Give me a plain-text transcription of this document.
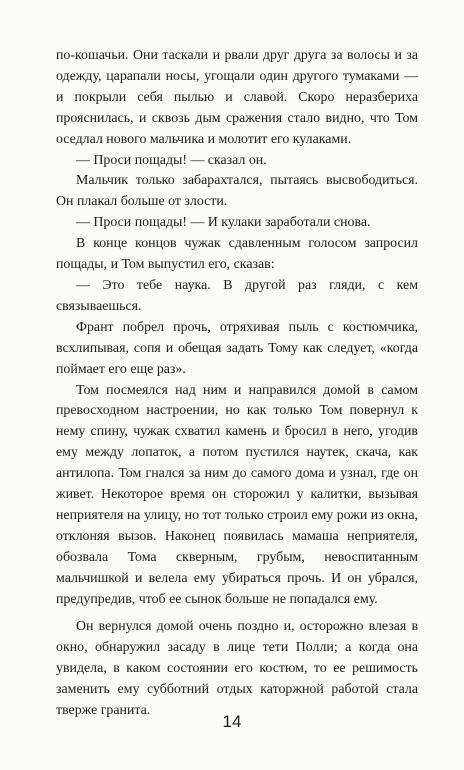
по-кошачьи. Они таскали и рвали друг друга за волосы и за одежду, царапали носы, угощали один другого тумаками — и покрыли себя пылью и славой. Скоро неразбериха прояснилась, и сквозь дым сражения стало видно, что Том оседлал нового мальчика и молотит его кулаками.

— Проси пощады! — сказал он.

Мальчик только забарахтался, пытаясь высвободиться. Он плакал больше от злости.

— Проси пощады! — И кулаки заработали снова.

В конце концов чужак сдавленным голосом запросил пощады, и Том выпустил его, сказав:

— Это тебе наука. В другой раз гляди, с кем связываешься.

Франт побрел прочь, отряхивая пыль с костюмчика, всхлипывая, сопя и обещая задать Тому как следует, «когда поймает его еще раз».

Том посмеялся над ним и направился домой в самом превосходном настроении, но как только Том повернул к нему спину, чужак схватил камень и бросил в него, угодив ему между лопаток, а потом пустился наутек, скача, как антилопа. Том гнался за ним до самого дома и узнал, где он живет. Некоторое время он сторожил у калитки, вызывая неприятеля на улицу, но тот только строил ему рожи из окна, отклоняя вызов. Наконец появилась мамаша неприятеля, обозвала Тома скверным, грубым, невоспитанным мальчишкой и велела ему убираться прочь. И он убрался, предупредив, чтоб ее сынок больше не попадался ему.

Он вернулся домой очень поздно и, осторожно влезая в окно, обнаружил засаду в лице тети Полли; а когда она увидела, в каком состоянии его костюм, то ее решимость заменить ему субботний отдых каторжной работой стала тверже гранита.

14
